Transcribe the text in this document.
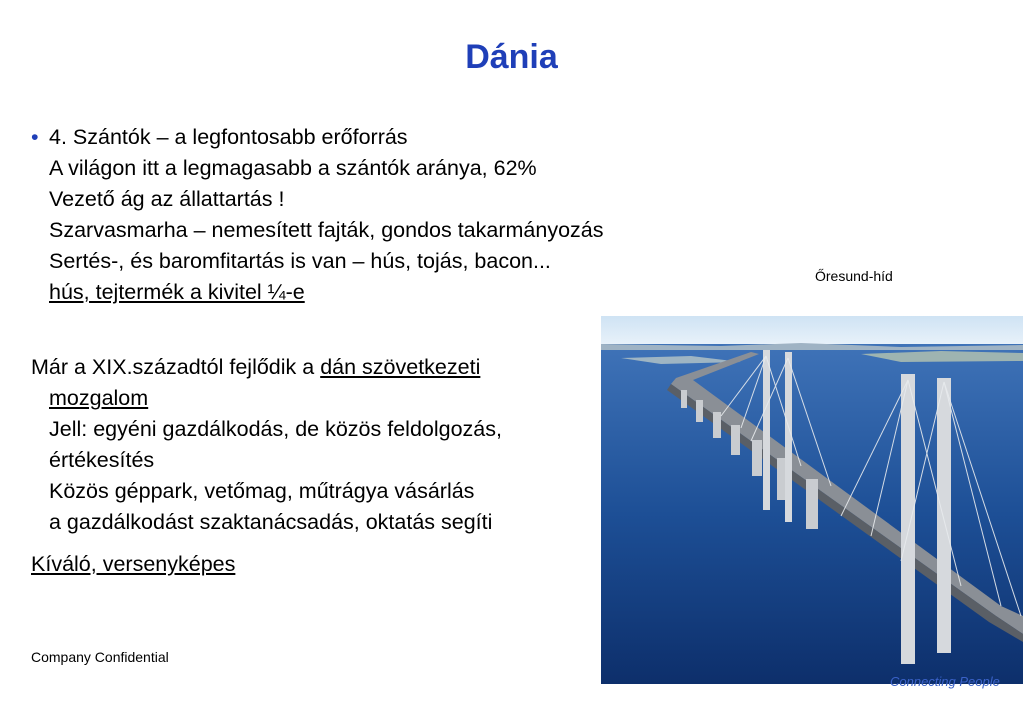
Dánia
• 4. Szántók – a legfontosabb erőforrás
A világon itt a legmagasabb a szántók aránya, 62%
Vezető ág az állattartás !
Szarvasmarha – nemesített fajták, gondos takarmányozás
Sertés-, és baromfitartás is van – hús, tojás, bacon...
hús, tejtermék a kivitel ¼-e
Már a XIX.századtól fejlődik a dán szövetkezeti
mozgalom
Jell: egyéni gazdálkodás, de közös feldolgozás,
értékesítés
Közös géppark, vetőmag, műtrágya vásárlás
a gazdálkodást szaktanácsadás, oktatás segíti
Kíváló, versenyképes
Őresund-híd
Company Confidential
Connecting People
